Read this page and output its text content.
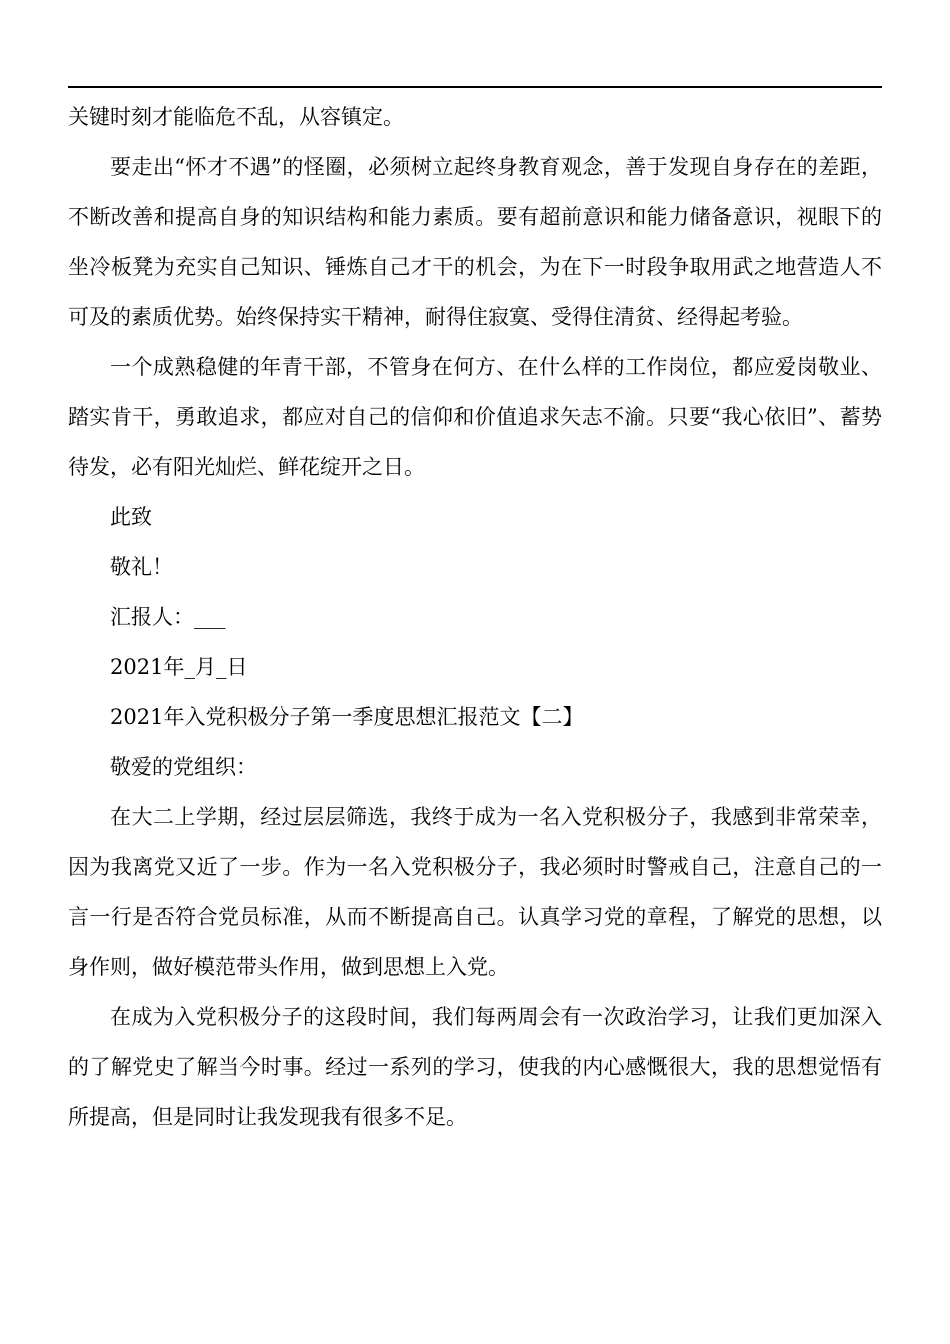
关键时刻才能临危不乱，从容镇定。

要走出“怀才不遇”的怪圈，必须树立起终身教育观念，善于发现自身存在的差距，不断改善和提高自身的知识结构和能力素质。要有超前意识和能力储备意识，视眼下的坐冷板凳为充实自己知识、锤炼自己才干的机会，为在下一时段争取用武之地营造人不可及的素质优势。始终保持实干精神，耐得住寂寞、受得住清贫、经得起考验。

一个成熟稳健的年青干部，不管身在何方、在什么样的工作岗位，都应爱岗敬业、踏实肯干，勇敢追求，都应对自己的信仰和价值追求矢志不渝。只要“我心依旧”、蓄势待发，必有阳光灿烂、鲜花绽开之日。

此致

敬礼！

汇报人：___

2021年_月_日

2021年入党积极分子第一季度思想汇报范文【二】

敬爱的党组织：

在大二上学期，经过层层筛选，我终于成为一名入党积极分子，我感到非常荣幸，因为我离党又近了一步。作为一名入党积极分子，我必须时时警戒自己，注意自己的一言一行是否符合党员标准，从而不断提高自己。认真学习党的章程，了解党的思想，以身作则，做好模范带头作用，做到思想上入党。

在成为入党积极分子的这段时间，我们每两周会有一次政治学习，让我们更加深入的了解党史了解当今时事。经过一系列的学习，使我的内心感慨很大，我的思想觉悟有所提高，但是同时让我发现我有很多不足。
